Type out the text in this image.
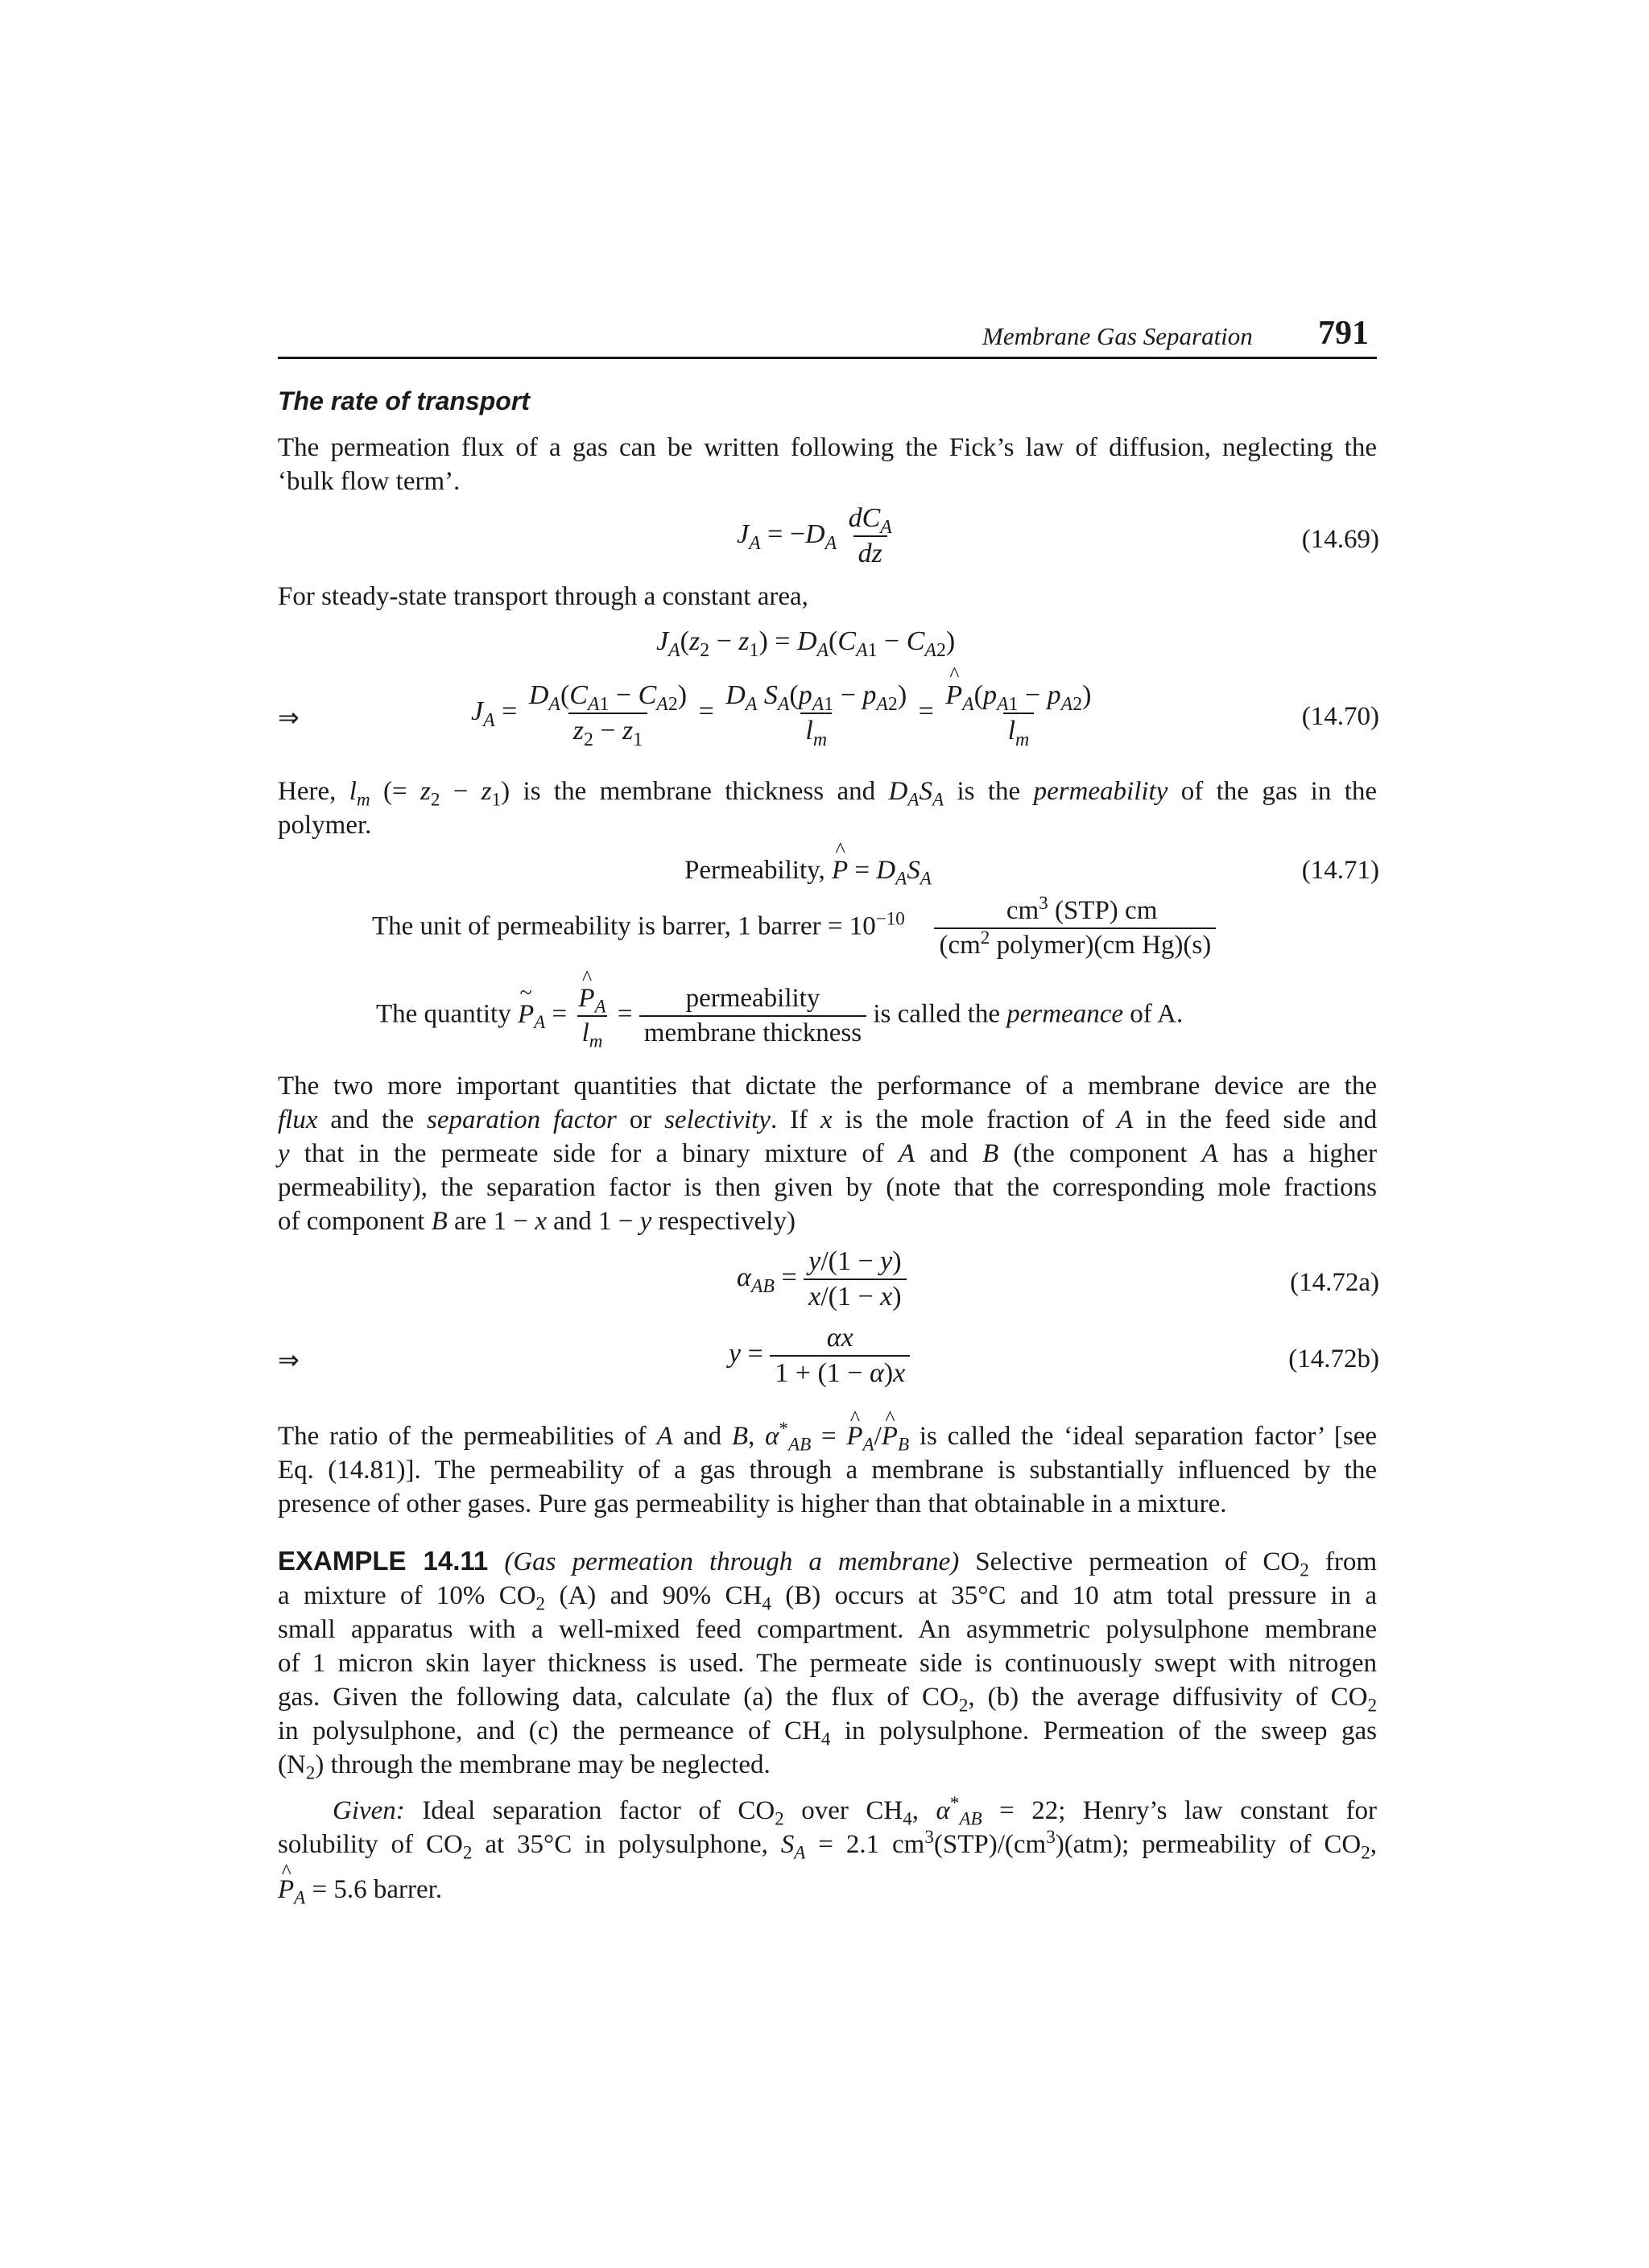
Membrane Gas Separation 791
The rate of transport
The permeation flux of a gas can be written following the Fick’s law of diffusion, neglecting the
‘bulk flow term’.
$J_A = -D_A \frac{dC_A}{dz}$	(14.69)
For steady-state transport through a constant area,
$J_A(z_2 - z_1) = D_A(C_{A1} - C_{A2})$
⇒	$J_A = \frac{D_A(C_{A1} - C_{A2})}{z_2 - z_1} = \frac{D_A S_A(p_{A1} - p_{A2})}{l_m}$ = ^ $\frac{P_A(p_{A1} - p_{A2})}{l_m}$	(14.70)
Here, $l_m$ (= $z_2 - z_1$) is the membrane thickness and $D_AS_A$ is the permeability of the gas in the
polymer.
Permeability, ^ $P = D_AS_A$	(14.71)
The unit of permeability is barrer, 1 barrer = $10^{-10} \frac{cm^3 (STP) cm}{(cm^2 polymer)(cm Hg)(s)}$
The quantity ~ $P_A$ = ^ $\frac{P_A}{l_m} = \frac{\text{permeability}}{\text{membrane thickness}}$ is called the permeance of A.
The two more important quantities that dictate the performance of a membrane device are the
flux and the separation factor or selectivity. If x is the mole fraction of A in the feed side and
y that in the permeate side for a binary mixture of A and B (the component A has a higher
permeability), the separation factor is then given by (note that the corresponding mole fractions
of component B are 1 − x and 1 − y respectively)
$\alpha_{AB} = \frac{y/(1 - y)}{x/(1 - x)}$	(14.72a)
⇒	$y = \frac{\alpha x}{1 + (1 - \alpha)x}$	(14.72b)
The ratio of the permeabilities of A and B, $\alpha^*_{AB}$ = ^ $P_A/\^{}$ $P_B$ is called the ‘ideal separation factor’ [see
Eq. (14.81)]. The permeability of a gas through a membrane is substantially influenced by the
presence of other gases. Pure gas permeability is higher than that obtainable in a mixture.
EXAMPLE 14.11 (Gas permeation through a membrane) Selective permeation of $CO_2$ from
a mixture of 10% $CO_2$ (A) and 90% $CH_4$ (B) occurs at 35°C and 10 atm total pressure in a
small apparatus with a well-mixed feed compartment. An asymmetric polysulphone membrane
of 1 micron skin layer thickness is used. The permeate side is continuously swept with nitrogen
gas. Given the following data, calculate (a) the flux of $CO_2$, (b) the average diffusivity of $CO_2$
in polysulphone, and (c) the permeance of $CH_4$ in polysulphone. Permeation of the sweep gas
$(N_2)$ through the membrane may be neglected.
Given: Ideal separation factor of $CO_2$ over $CH_4$, $\alpha^*_{AB} = 22$; Henry’s law constant for
solubility of $CO_2$ at 35°C in polysulphone, $S_A = 2.1$ $cm^3(STP)/(cm^3)(atm)$; permeability of $CO_2$,
^ $P_A = 5.6$ barrer.
